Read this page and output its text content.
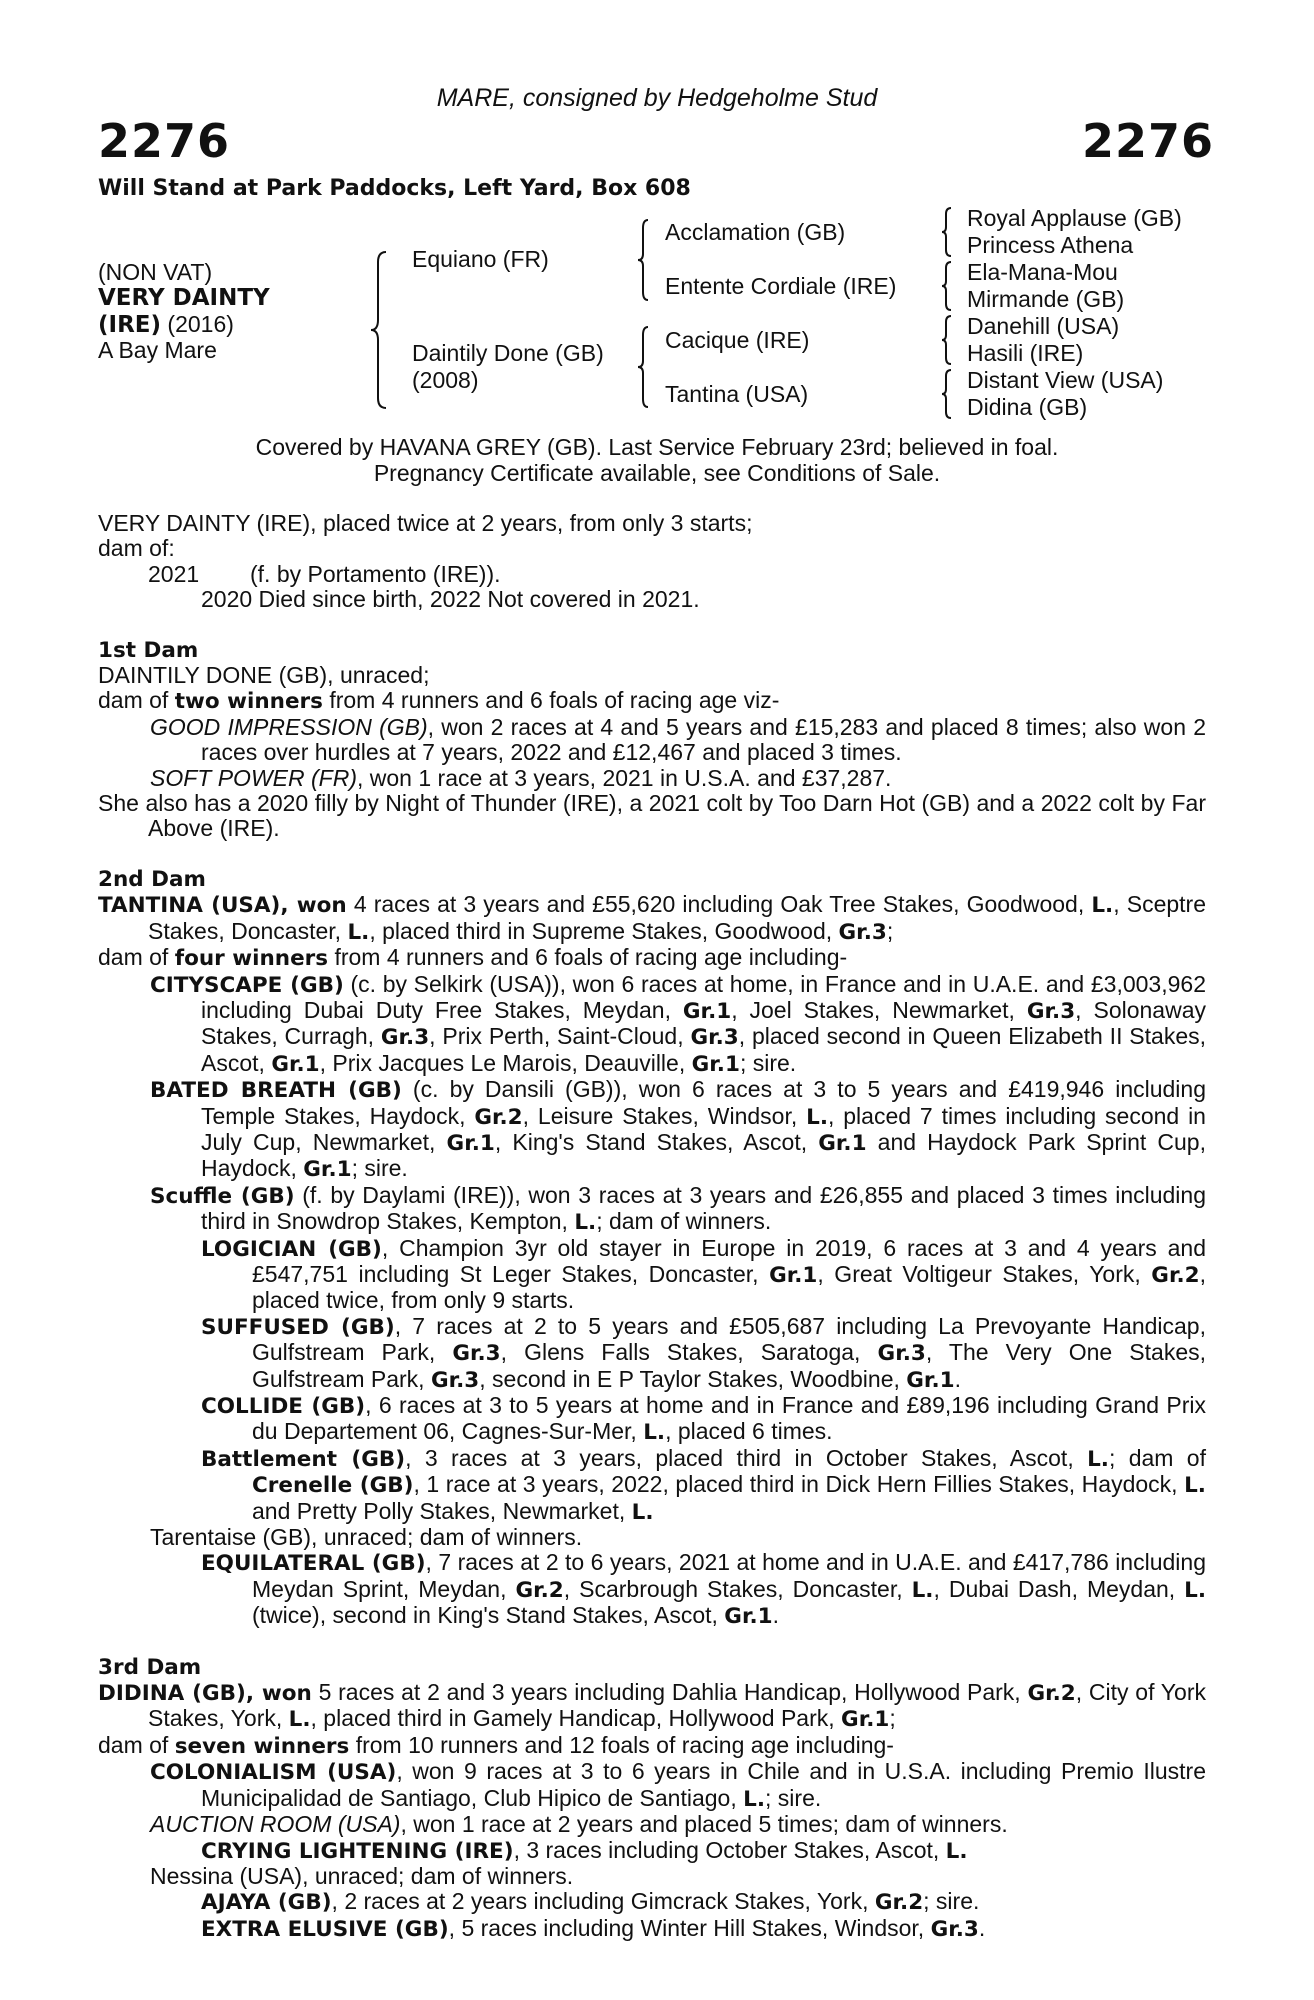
MARE, consigned by Hedgeholme Stud
2276	2276
Will Stand at Park Paddocks, Left Yard, Box 608
(NON VAT)
VERY DAINTY
(IRE) (2016)
A Bay Mare
Equiano (FR)
Daintily Done (GB)
(2008)
Acclamation (GB)
Entente Cordiale (IRE)
Cacique (IRE)
Tantina (USA)
Royal Applause (GB)
Princess Athena
Ela-Mana-Mou
Mirmande (GB)
Danehill (USA)
Hasili (IRE)
Distant View (USA)
Didina (GB)
Covered by HAVANA GREY (GB). Last Service February 23rd; believed in foal.
Pregnancy Certificate available, see Conditions of Sale.
VERY DAINTY (IRE), placed twice at 2 years, from only 3 starts;
dam of:
2021 (f. by Portamento (IRE)).
2020 Died since birth, 2022 Not covered in 2021.
1st Dam
DAINTILY DONE (GB), unraced;
dam of two winners from 4 runners and 6 foals of racing age viz-
GOOD IMPRESSION (GB), won 2 races at 4 and 5 years and £15,283 and placed 8 times; also won 2 races over hurdles at 7 years, 2022 and £12,467 and placed 3 times.
SOFT POWER (FR), won 1 race at 3 years, 2021 in U.S.A. and £37,287.
She also has a 2020 filly by Night of Thunder (IRE), a 2021 colt by Too Darn Hot (GB) and a 2022 colt by Far Above (IRE).
2nd Dam
TANTINA (USA), won 4 races at 3 years and £55,620 including Oak Tree Stakes, Goodwood, L., Sceptre Stakes, Doncaster, L., placed third in Supreme Stakes, Goodwood, Gr.3;
dam of four winners from 4 runners and 6 foals of racing age including-
CITYSCAPE (GB) (c. by Selkirk (USA)), won 6 races at home, in France and in U.A.E. and £3,003,962 including Dubai Duty Free Stakes, Meydan, Gr.1, Joel Stakes, Newmarket, Gr.3, Solonaway Stakes, Curragh, Gr.3, Prix Perth, Saint-Cloud, Gr.3, placed second in Queen Elizabeth II Stakes, Ascot, Gr.1, Prix Jacques Le Marois, Deauville, Gr.1; sire.
BATED BREATH (GB) (c. by Dansili (GB)), won 6 races at 3 to 5 years and £419,946 including Temple Stakes, Haydock, Gr.2, Leisure Stakes, Windsor, L., placed 7 times including second in July Cup, Newmarket, Gr.1, King's Stand Stakes, Ascot, Gr.1 and Haydock Park Sprint Cup, Haydock, Gr.1; sire.
Scuffle (GB) (f. by Daylami (IRE)), won 3 races at 3 years and £26,855 and placed 3 times including third in Snowdrop Stakes, Kempton, L.; dam of winners.
LOGICIAN (GB), Champion 3yr old stayer in Europe in 2019, 6 races at 3 and 4 years and £547,751 including St Leger Stakes, Doncaster, Gr.1, Great Voltigeur Stakes, York, Gr.2, placed twice, from only 9 starts.
SUFFUSED (GB), 7 races at 2 to 5 years and £505,687 including La Prevoyante Handicap, Gulfstream Park, Gr.3, Glens Falls Stakes, Saratoga, Gr.3, The Very One Stakes, Gulfstream Park, Gr.3, second in E P Taylor Stakes, Woodbine, Gr.1.
COLLIDE (GB), 6 races at 3 to 5 years at home and in France and £89,196 including Grand Prix du Departement 06, Cagnes-Sur-Mer, L., placed 6 times.
Battlement (GB), 3 races at 3 years, placed third in October Stakes, Ascot, L.; dam of Crenelle (GB), 1 race at 3 years, 2022, placed third in Dick Hern Fillies Stakes, Haydock, L. and Pretty Polly Stakes, Newmarket, L.
Tarentaise (GB), unraced; dam of winners.
EQUILATERAL (GB), 7 races at 2 to 6 years, 2021 at home and in U.A.E. and £417,786 including Meydan Sprint, Meydan, Gr.2, Scarbrough Stakes, Doncaster, L., Dubai Dash, Meydan, L. (twice), second in King's Stand Stakes, Ascot, Gr.1.
3rd Dam
DIDINA (GB), won 5 races at 2 and 3 years including Dahlia Handicap, Hollywood Park, Gr.2, City of York Stakes, York, L., placed third in Gamely Handicap, Hollywood Park, Gr.1;
dam of seven winners from 10 runners and 12 foals of racing age including-
COLONIALISM (USA), won 9 races at 3 to 6 years in Chile and in U.S.A. including Premio Ilustre Municipalidad de Santiago, Club Hipico de Santiago, L.; sire.
AUCTION ROOM (USA), won 1 race at 2 years and placed 5 times; dam of winners.
CRYING LIGHTENING (IRE), 3 races including October Stakes, Ascot, L.
Nessina (USA), unraced; dam of winners.
AJAYA (GB), 2 races at 2 years including Gimcrack Stakes, York, Gr.2; sire.
EXTRA ELUSIVE (GB), 5 races including Winter Hill Stakes, Windsor, Gr.3.
